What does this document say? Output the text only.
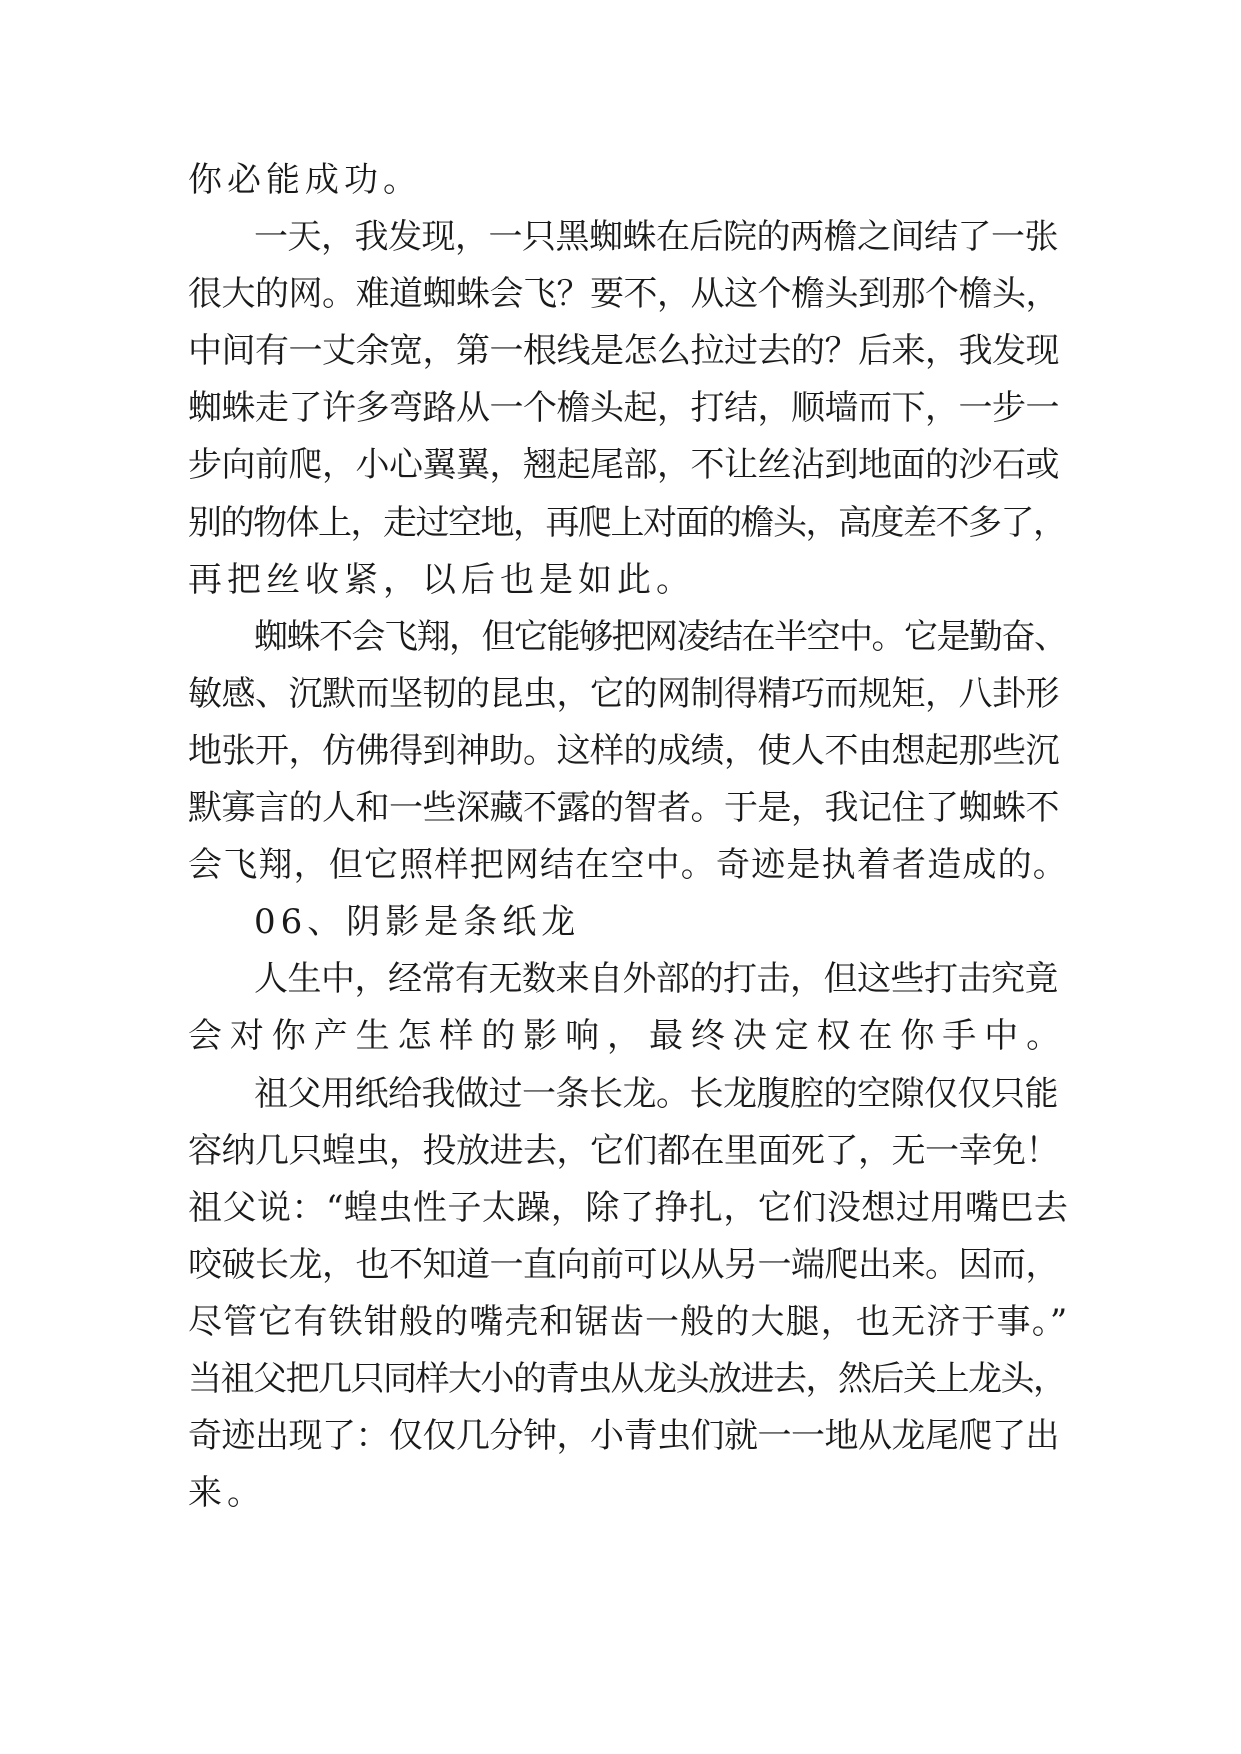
你必能成功。

一天，我发现，一只黑蜘蛛在后院的两檐之间结了一张
很大的网。难道蜘蛛会飞？要不，从这个檐头到那个檐头，
中间有一丈余宽，第一根线是怎么拉过去的？后来，我发现
蜘蛛走了许多弯路从一个檐头起，打结，顺墙而下，一步一
步向前爬，小心翼翼，翘起尾部，不让丝沾到地面的沙石或
别的物体上，走过空地，再爬上对面的檐头，高度差不多了，
再把丝收紧，以后也是如此。

蜘蛛不会飞翔，但它能够把网凌结在半空中。它是勤奋、
敏感、沉默而坚韧的昆虫，它的网制得精巧而规矩，八卦形
地张开，仿佛得到神助。这样的成绩，使人不由想起那些沉
默寡言的人和一些深藏不露的智者。于是，我记住了蜘蛛不
会飞翔，但它照样把网结在空中。奇迹是执着者造成的。

06、阴影是条纸龙

人生中，经常有无数来自外部的打击，但这些打击究竟
会对你产生怎样的影响，最终决定权在你手中。

祖父用纸给我做过一条长龙。长龙腹腔的空隙仅仅只能
容纳几只蝗虫，投放进去，它们都在里面死了，无一幸免！
祖父说：“蝗虫性子太躁，除了挣扎，它们没想过用嘴巴去
咬破长龙，也不知道一直向前可以从另一端爬出来。因而，
尽管它有铁钳般的嘴壳和锯齿一般的大腿，也无济于事。”
当祖父把几只同样大小的青虫从龙头放进去，然后关上龙头，
奇迹出现了：仅仅几分钟，小青虫们就一一地从龙尾爬了出
来。
